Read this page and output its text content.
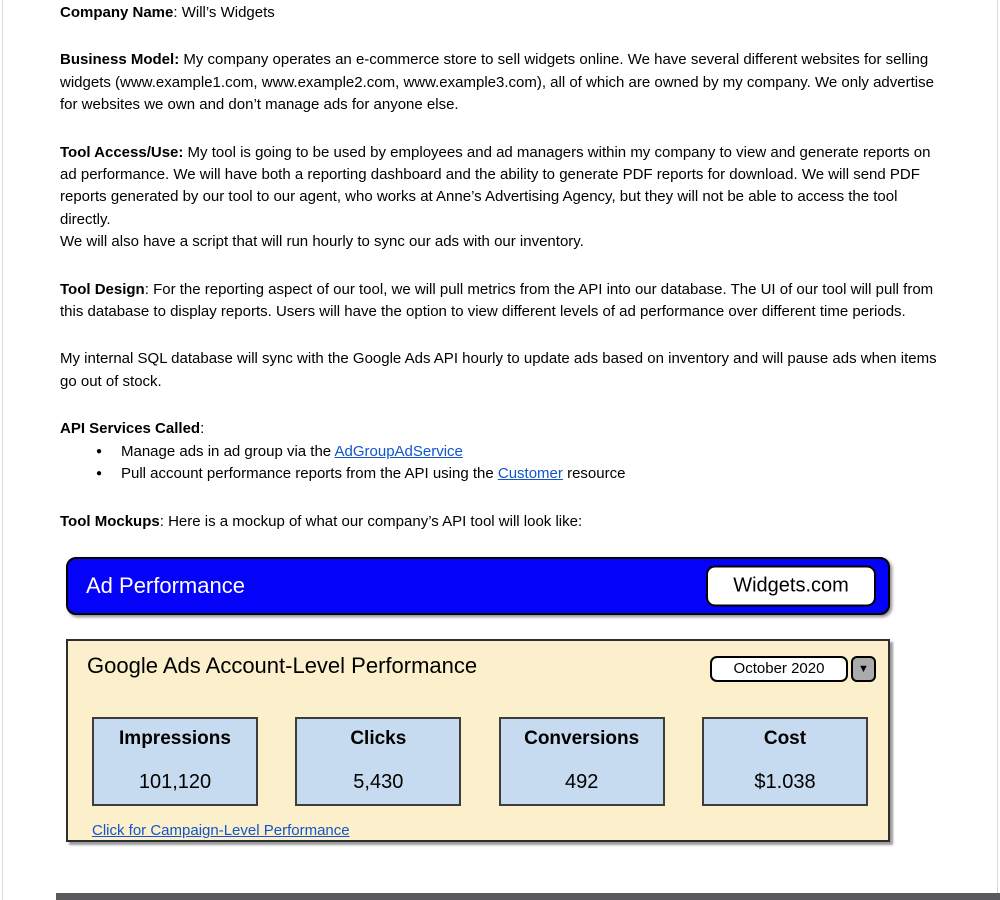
Company Name: Will’s Widgets

Business Model: My company operates an e-commerce store to sell widgets online. We have several different websites for selling widgets (www.example1.com, www.example2.com, www.example3.com), all of which are owned by my company. We only advertise for websites we own and don’t manage ads for anyone else.

Tool Access/Use: My tool is going to be used by employees and ad managers within my company to view and generate reports on ad performance. We will have both a reporting dashboard and the ability to generate PDF reports for download. We will send PDF reports generated by our tool to our agent, who works at Anne’s Advertising Agency, but they will not be able to access the tool directly.
We will also have a script that will run hourly to sync our ads with our inventory.

Tool Design: For the reporting aspect of our tool, we will pull metrics from the API into our database. The UI of our tool will pull from this database to display reports. Users will have the option to view different levels of ad performance over different time periods.

My internal SQL database will sync with the Google Ads API hourly to update ads based on inventory and will pause ads when items go out of stock.

API Services Called:

● Manage ads in ad group via the AdGroupAdService
● Pull account performance reports from the API using the Customer resource

Tool Mockups: Here is a mockup of what our company’s API tool will look like:

Ad Performance	Widgets.com
Google Ads Account-Level Performance	October 2020	▼
Impressions
101,120
Clicks
5,430
Conversions
492
Cost
$1.038
Click for Campaign-Level Performance
